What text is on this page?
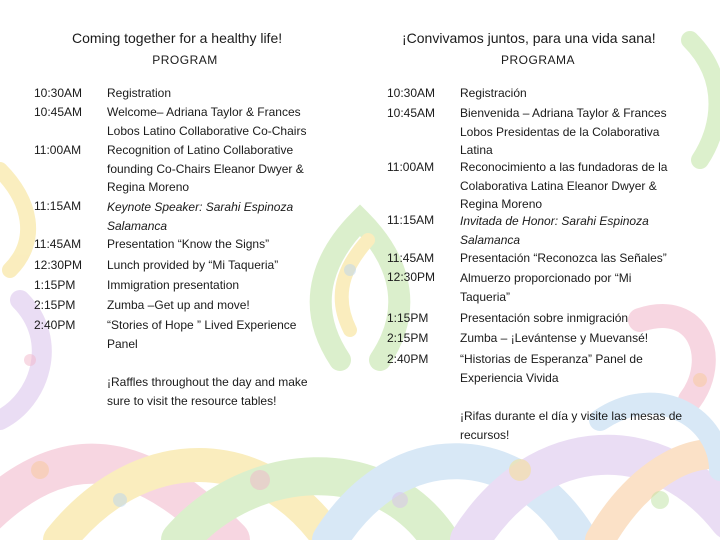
Coming together for a healthy life!
PROGRAM
10:30AM
10:45AM
11:00AM
11:15AM
11:45AM
12:30PM
1:15PM
2:15PM
2:40PM
Registration
Welcome– Adriana Taylor & Frances Lobos Latino Collaborative Co-Chairs
Recognition of Latino Collaborative founding Co-Chairs Eleanor Dwyer & Regina Moreno
Keynote Speaker: Sarahi Espinoza Salamanca
Presentation “Know the Signs”
Lunch provided by “Mi Taqueria”
Immigration presentation
Zumba –Get up and move!
“Stories of Hope ” Lived Experience Panel
¡Raffles throughout the day and make sure to visit the resource tables!
¡Convivamos juntos, para una vida sana!
PROGRAMA
10:30AM
10:45AM
11:00AM
11:15AM
11:45AM
12:30PM
1:15PM
2:15PM
2:40PM
Registración
Bienvenida – Adriana Taylor & Frances Lobos Presidentas de la Colaborativa Latina
Reconocimiento a las fundadoras de la Colaborativa Latina Eleanor Dwyer & Regina Moreno
Invitada de Honor: Sarahi Espinoza Salamanca
Presentación “Reconozca las Señales”
Almuerzo proporcionado por “Mi Taqueria”
Presentación sobre inmigración
Zumba – ¡Levántense y Muevansé!
“Historias de Esperanza” Panel de Experiencia Vivida
¡Rifas durante el día y visite las mesas de recursos!
